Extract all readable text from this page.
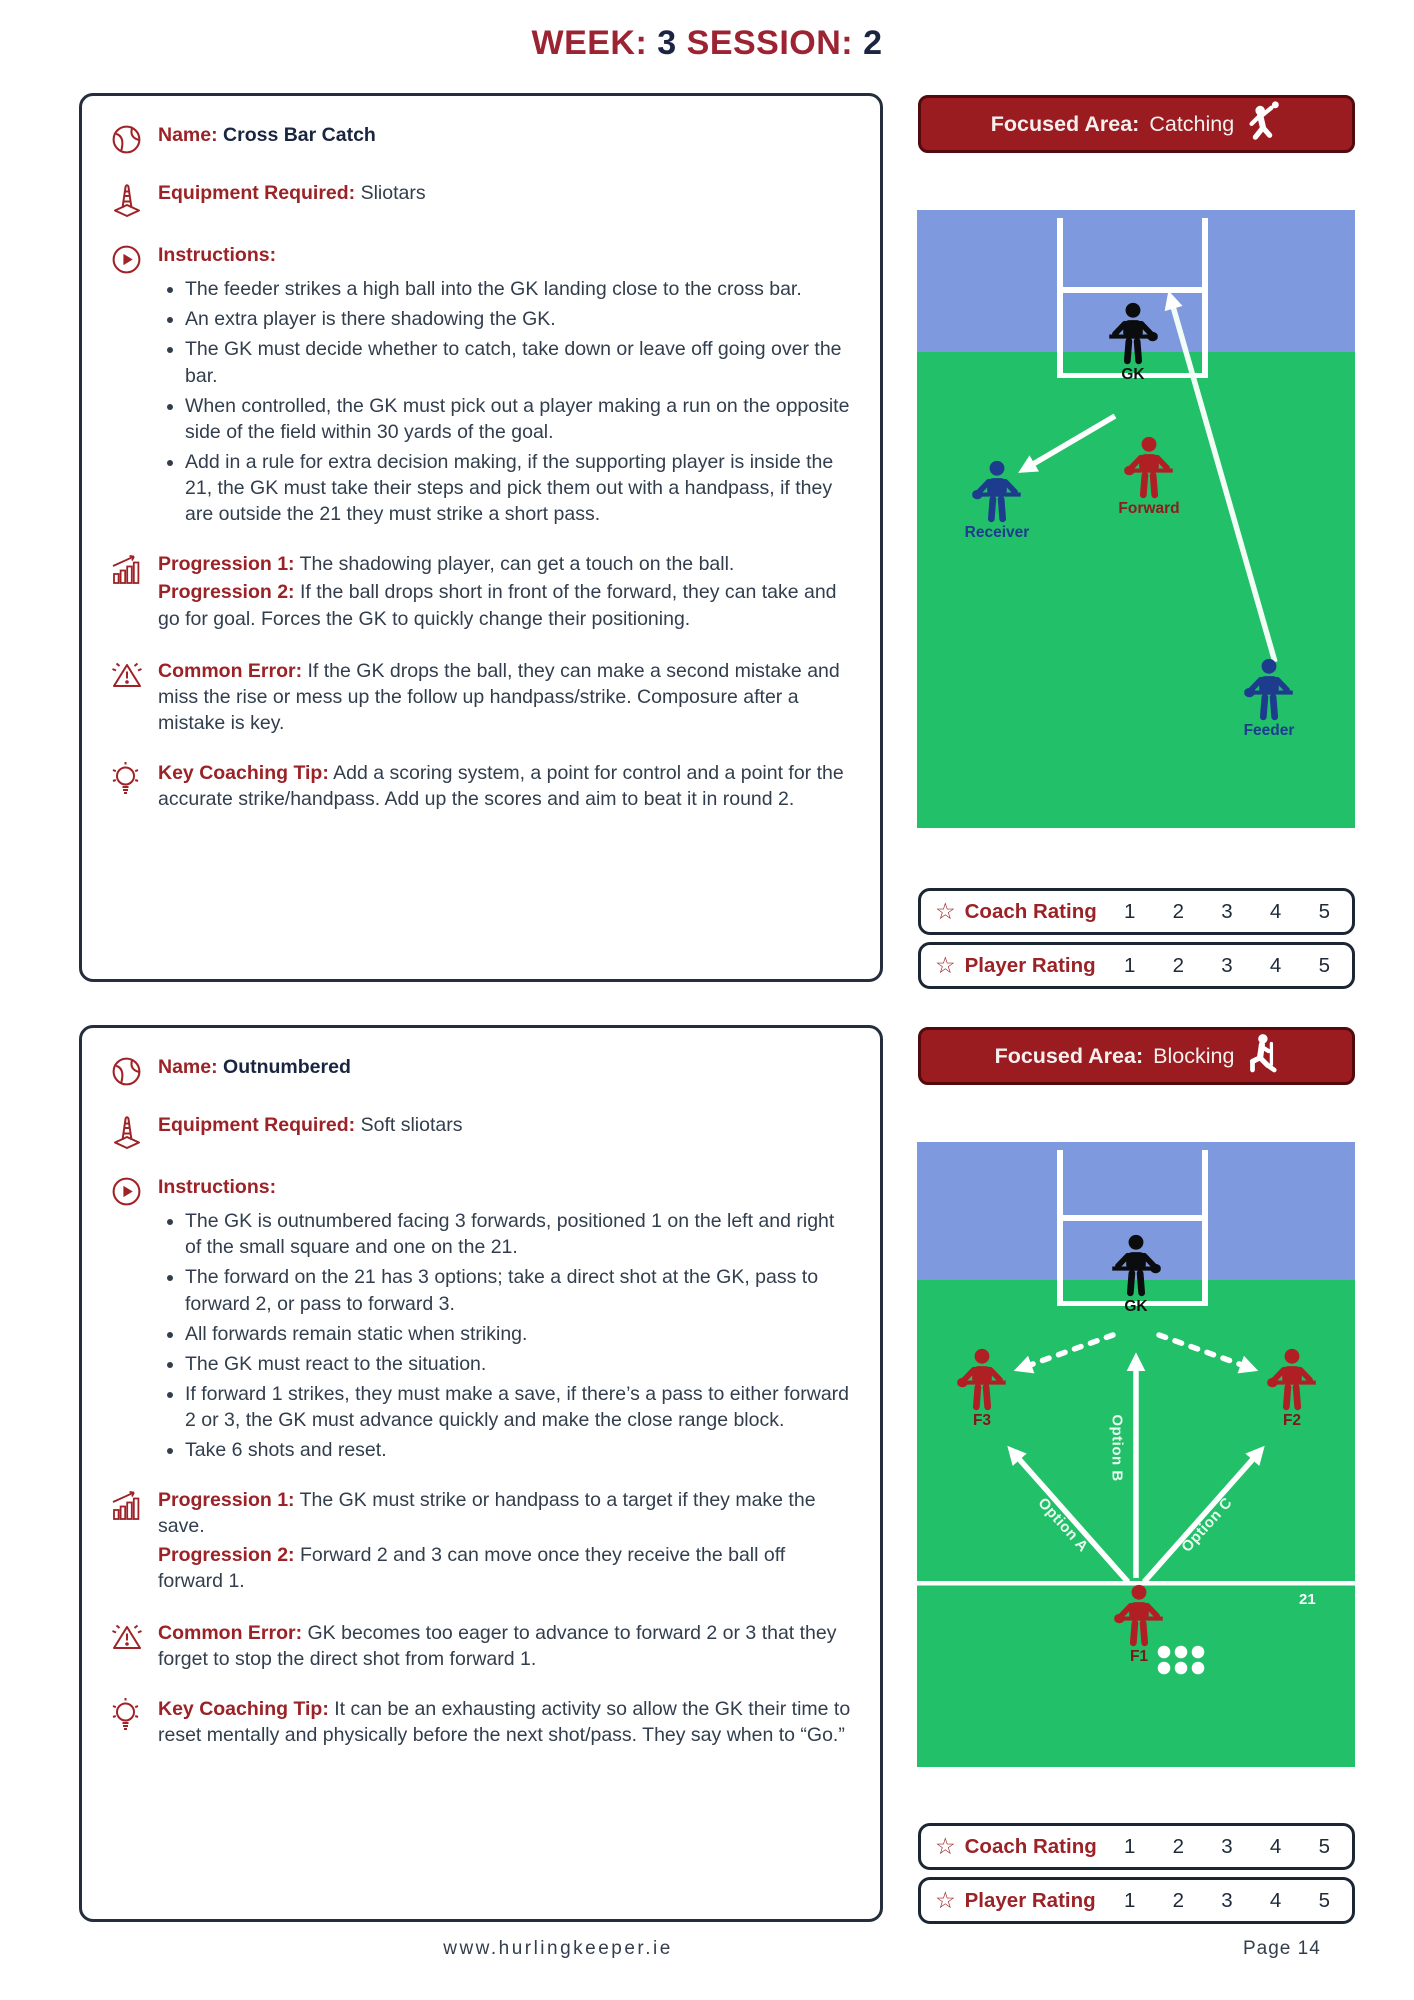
WEEK: 3 SESSION: 2
Name: Cross Bar Catch
Equipment Required: Sliotars
Instructions:
• The feeder strikes a high ball into the GK landing close to the cross bar.
• An extra player is there shadowing the GK.
• The GK must decide whether to catch, take down or leave off going over the bar.
• When controlled, the GK must pick out a player making a run on the opposite side of the field within 30 yards of the goal.
• Add in a rule for extra decision making, if the supporting player is inside the 21, the GK must take their steps and pick them out with a handpass, if they are outside the 21 they must strike a short pass.

Progression 1: The shadowing player, can get a touch on the ball.

Progression 2: If the ball drops short in front of the forward, they can take and go for goal. Forces the GK to quickly change their positioning.

Common Error: If the GK drops the ball, they can make a second mistake and miss the rise or mess up the follow up handpass/strike. Composure after a mistake is key.
Key Coaching Tip: Add a scoring system, a point for control and a point for the accurate strike/handpass. Add up the scores and aim to beat it in round 2.
Focused Area: Catching
GK
Receiver
Forward
Feeder
☆ Coach Rating 1 2 3 4 5
☆ Player Rating 1 2 3 4 5
Name: Outnumbered
Equipment Required: Soft sliotars
Instructions:
• The GK is outnumbered facing 3 forwards, positioned 1 on the left and right of the small square and one on the 21.
• The forward on the 21 has 3 options; take a direct shot at the GK, pass to forward 2, or pass to forward 3.
• All forwards remain static when striking.
• The GK must react to the situation.
• If forward 1 strikes, they must make a save, if there’s a pass to either forward 2 or 3, the GK must advance quickly and make the close range block.
• Take 6 shots and reset.

Progression 1: The GK must strike or handpass to a target if they make the save.

Progression 2: Forward 2 and 3 can move once they receive the ball off forward 1.

Common Error: GK becomes too eager to advance to forward 2 or 3 that they forget to stop the direct shot from forward 1.
Key Coaching Tip: It can be an exhausting activity so allow the GK their time to reset mentally and physically before the next shot/pass. They say when to “Go.”
Focused Area: Blocking
Option A
Option B
Option C
21
GK
F3	F2
F1
☆ Coach Rating 1 2 3 4 5
☆ Player Rating 1 2 3 4 5
www.hurlingkeeper.ie	Page 14
